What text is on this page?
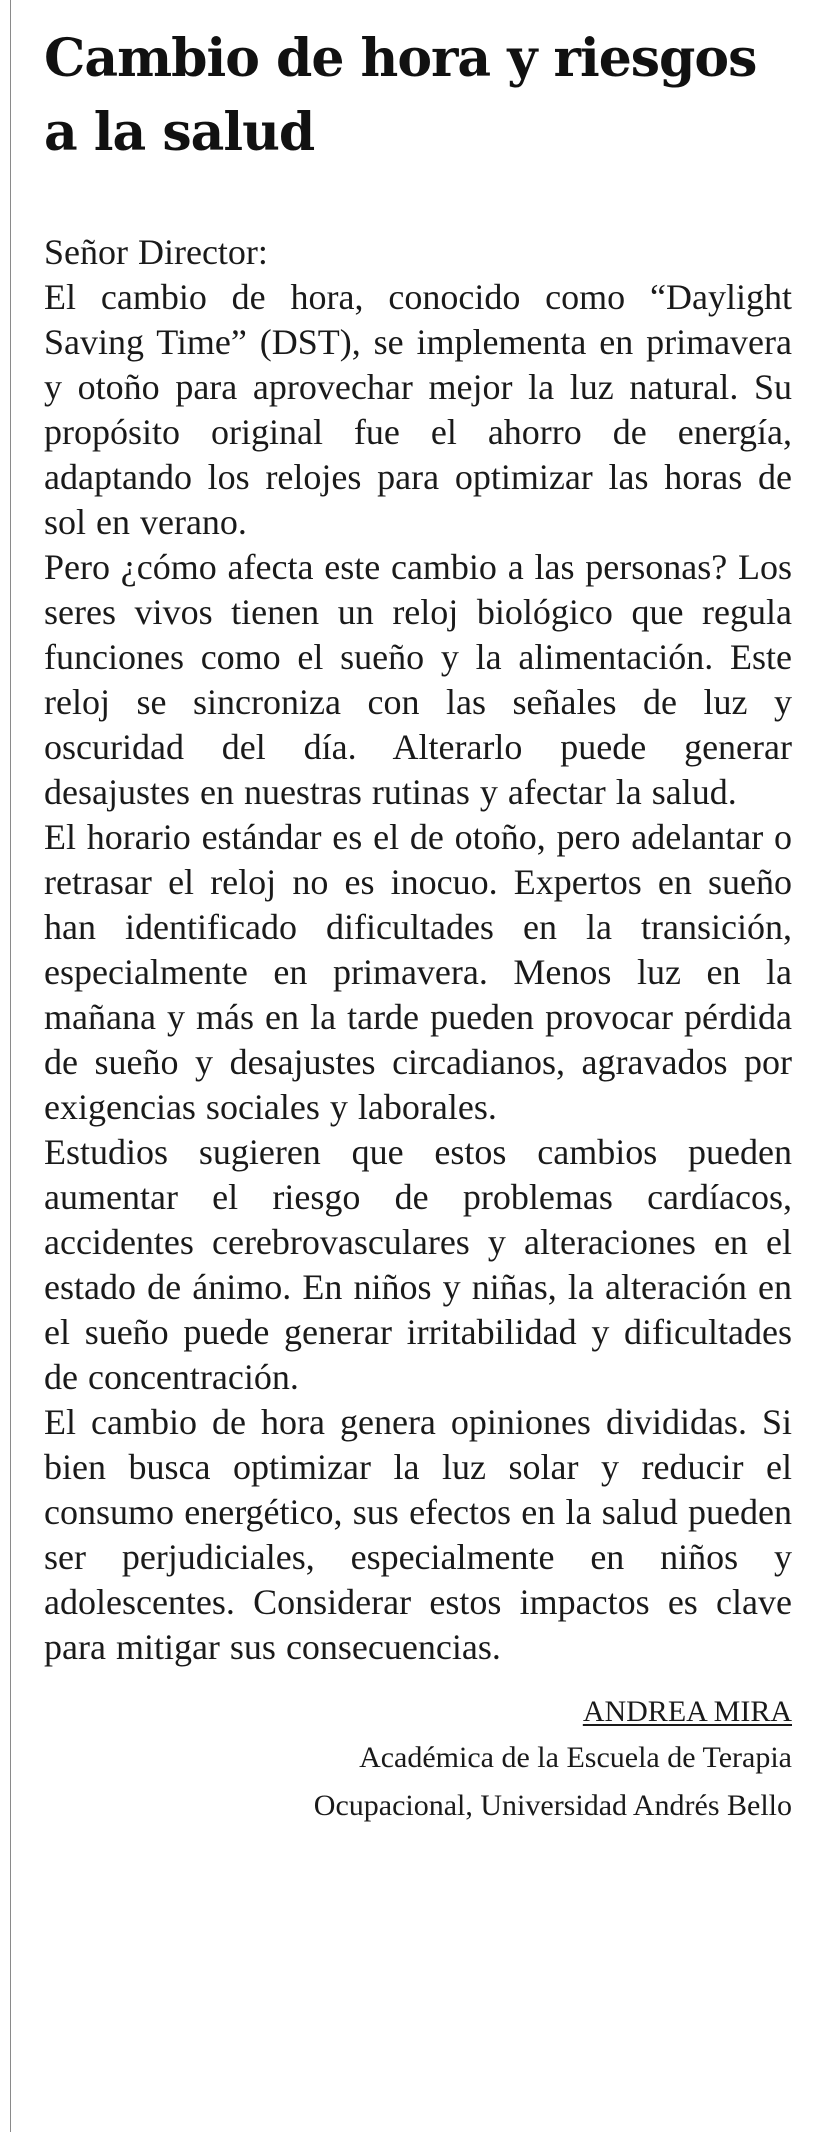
Cambio de hora y riesgos a la salud

Señor Director:

El cambio de hora, conocido como “Daylight Saving Time” (DST), se implementa en primavera y otoño para aprovechar mejor la luz natural. Su propósito original fue el ahorro de energía, adaptando los relojes para optimizar las horas de sol en verano.

Pero ¿cómo afecta este cambio a las personas? Los seres vivos tienen un reloj biológico que regula funciones como el sueño y la alimentación. Este reloj se sincroniza con las señales de luz y oscuridad del día. Alterarlo puede generar desajustes en nuestras rutinas y afectar la salud.

El horario estándar es el de otoño, pero adelantar o retrasar el reloj no es inocuo. Expertos en sueño han identificado dificultades en la transición, especialmente en primavera. Menos luz en la mañana y más en la tarde pueden provocar pérdida de sueño y desajustes circadianos, agravados por exigencias sociales y laborales.

Estudios sugieren que estos cambios pueden aumentar el riesgo de problemas cardíacos, accidentes cerebrovasculares y alteraciones en el estado de ánimo. En niños y niñas, la alteración en el sueño puede generar irritabilidad y dificultades de concentración.

El cambio de hora genera opiniones divididas. Si bien busca optimizar la luz solar y reducir el consumo energético, sus efectos en la salud pueden ser perjudiciales, especialmente en niños y adolescentes. Considerar estos impactos es clave para mitigar sus consecuencias.

ANDREA MIRA
Académica de la Escuela de Terapia
Ocupacional, Universidad Andrés Bello
